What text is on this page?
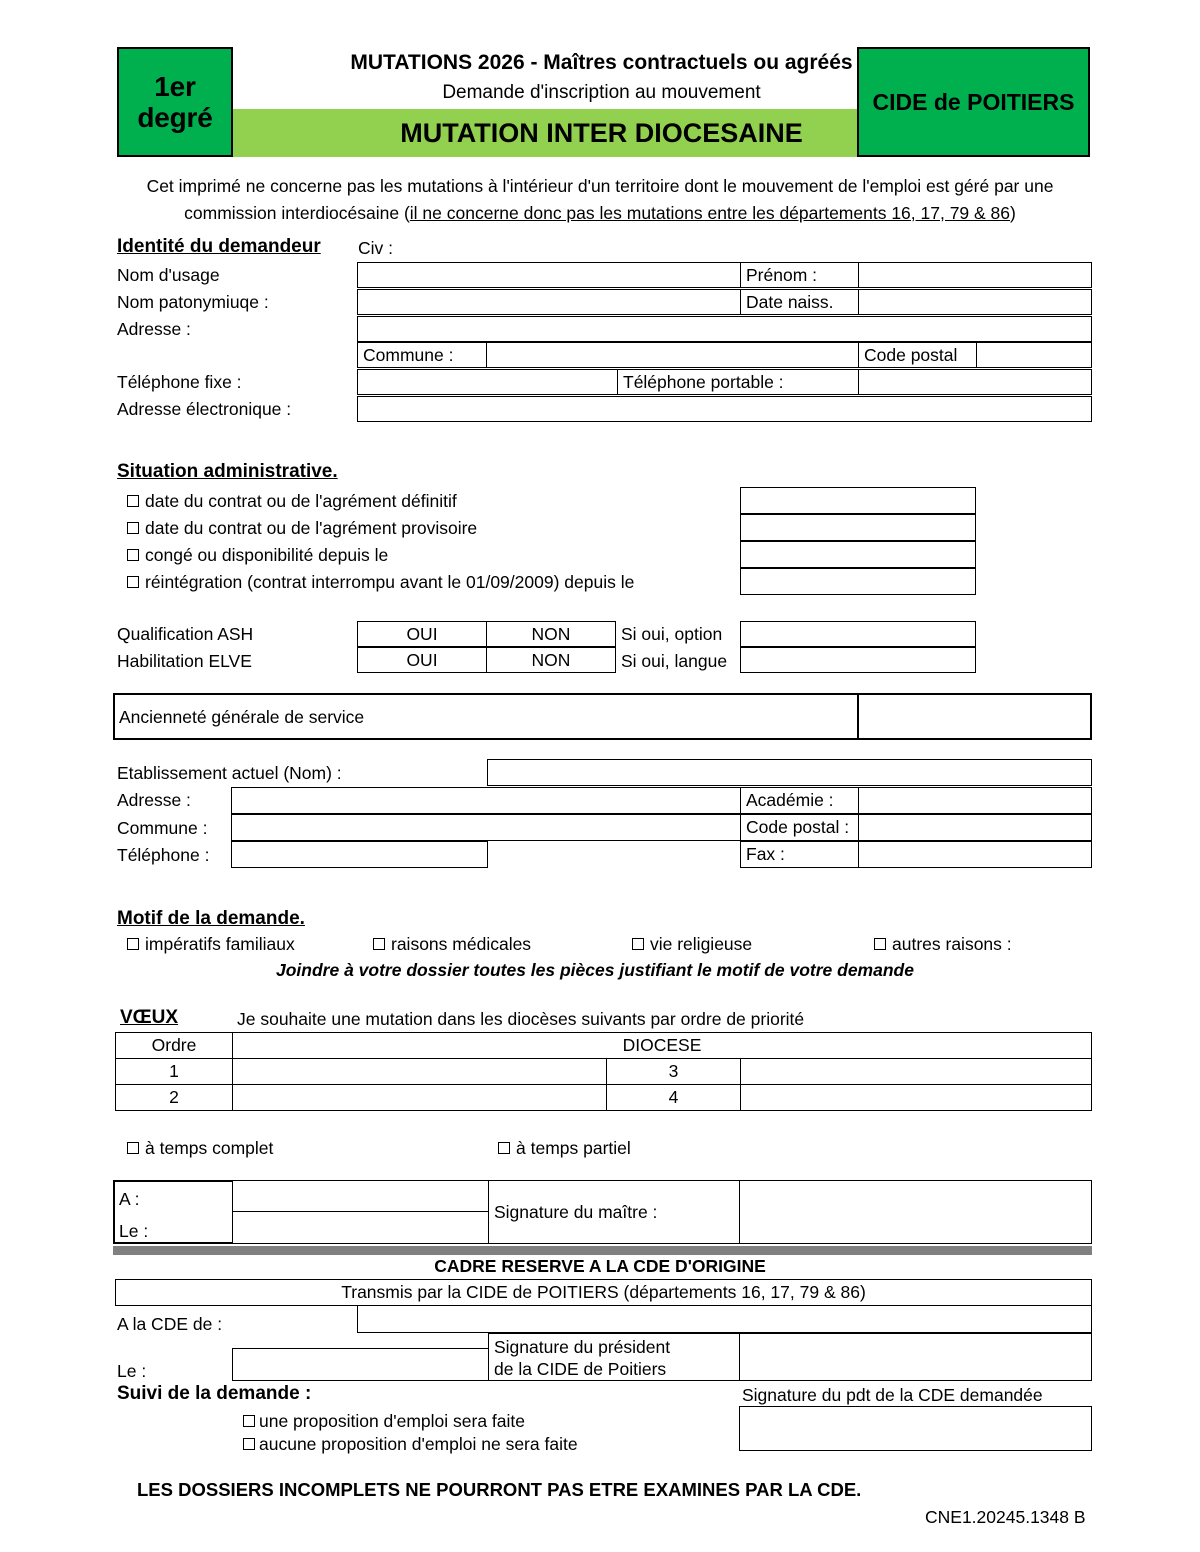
1er
degré
MUTATIONS 2026 - Maîtres contractuels ou agréés
Demande d'inscription au mouvement
MUTATION INTER DIOCESAINE
CIDE de POITIERS
Cet imprimé ne concerne pas les mutations à l'intérieur d'un territoire dont le mouvement de l'emploi est géré par une
commission interdiocésaine (il ne concerne donc pas les mutations entre les départements 16, 17, 79 & 86)
Identité du demandeur Civ :
Nom d'usage	Prénom :
Nom patonymiuqe :	Date naiss.
Adresse :
Commune :	Code postal
Téléphone fixe :	Téléphone portable :
Adresse électronique :
Situation administrative.
date du contrat ou de l'agrément définitif
date du contrat ou de l'agrément provisoire
congé ou disponibilité depuis le
réintégration (contrat interrompu avant le 01/09/2009) depuis le
Qualification ASH	OUI	NON	Si oui, option
Habilitation ELVE	OUI	NON	Si oui, langue
Ancienneté générale de service
Etablissement actuel (Nom) :
Adresse :	Académie :
Commune :	Code postal :
Téléphone :	Fax :
Motif de la demande.
impératifs familiaux	raisons médicales	vie religieuse	autres raisons :
Joindre à votre dossier toutes les pièces justifiant le motif de votre demande
VŒUX	Je souhaite une mutation dans les diocèses suivants par ordre de priorité
Ordre	DIOCESE
1	3
2	4
à temps complet	à temps partiel
A :
Le :
Signature du maître :
CADRE RESERVE A LA CDE D'ORIGINE
Transmis par la CIDE de POITIERS (départements 16, 17, 79 & 86)
A la CDE de :
Le :
Signature du président
de la CIDE de Poitiers
Suivi de la demande :	Signature du pdt de la CDE demandée
une proposition d'emploi sera faite
aucune proposition d'emploi ne sera faite
LES DOSSIERS INCOMPLETS NE POURRONT PAS ETRE EXAMINES PAR LA CDE.
CNE1.20245.1348 B
